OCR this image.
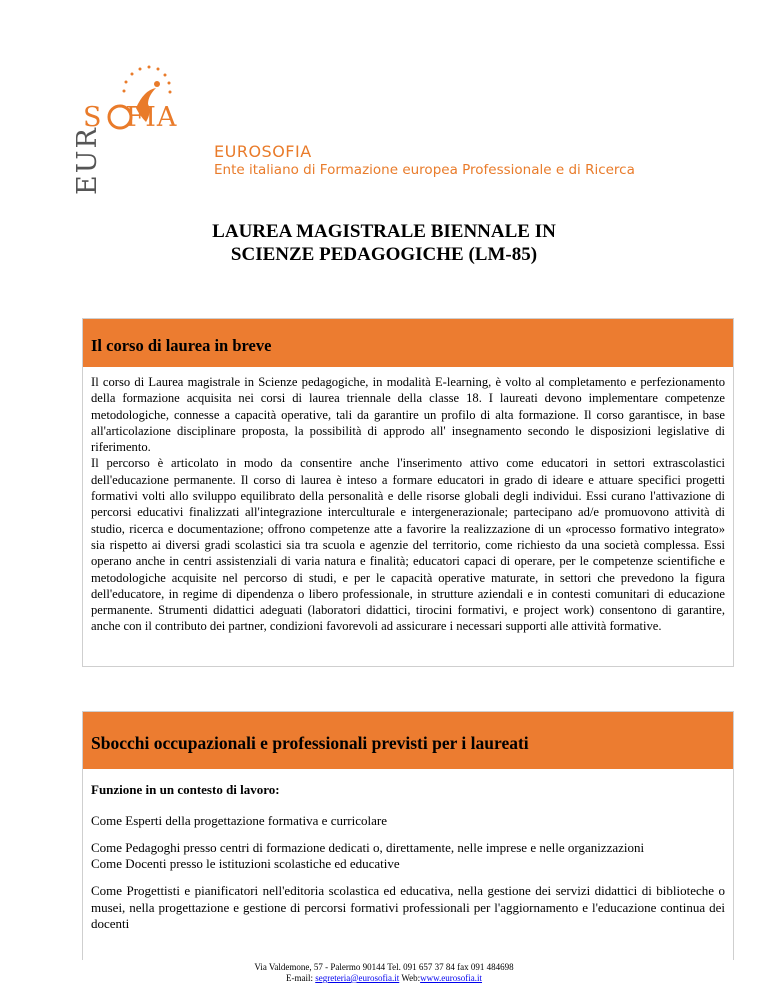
S FIA
EUR	EUROSOFIA
Ente italiano di Formazione europea Professionale e di Ricerca
LAUREA MAGISTRALE BIENNALE IN
SCIENZE PEDAGOGICHE (LM-85)
Il corso di laurea in breve

Il corso di Laurea magistrale in Scienze pedagogiche, in modalità E-learning, è volto al completamento e perfezionamento della formazione acquisita nei corsi di laurea triennale della classe 18. I laureati devono implementare competenze metodologiche, connesse a capacità operative, tali da garantire un profilo di alta formazione. Il corso garantisce, in base all'articolazione disciplinare proposta, la possibilità di approdo all' insegnamento secondo le disposizioni legislative di riferimento.

Il percorso è articolato in modo da consentire anche l'inserimento attivo come educatori in settori extrascolastici dell'educazione permanente. Il corso di laurea è inteso a formare educatori in grado di ideare e attuare specifici progetti formativi volti allo sviluppo equilibrato della personalità e delle risorse globali degli individui. Essi curano l'attivazione di percorsi educativi finalizzati all'integrazione interculturale e intergenerazionale; partecipano ad/e promuovono attività di studio, ricerca e documentazione; offrono competenze atte a favorire la realizzazione di un «processo formativo integrato» sia rispetto ai diversi gradi scolastici sia tra scuola e agenzie del territorio, come richiesto da una società complessa. Essi operano anche in centri assistenziali di varia natura e finalità; educatori capaci di operare, per le competenze scientifiche e metodologiche acquisite nel percorso di studi, e per le capacità operative maturate, in settori che prevedono la figura dell'educatore, in regime di dipendenza o libero professionale, in strutture aziendali e in contesti comunitari di educazione permanente. Strumenti didattici adeguati (laboratori didattici, tirocini formativi, e project work) consentono di garantire, anche con il contributo dei partner, condizioni favorevoli ad assicurare i necessari supporti alle attività formative.

Sbocchi occupazionali e professionali previsti per i laureati

Funzione in un contesto di lavoro:

Come Esperti della progettazione formativa e curricolare

Come Pedagoghi presso centri di formazione dedicati o, direttamente, nelle imprese e nelle organizzazioni
Come Docenti presso le istituzioni scolastiche ed educative

Come Progettisti e pianificatori nell'editoria scolastica ed educativa, nella gestione dei servizi didattici di biblioteche o musei, nella progettazione e gestione di percorsi formativi professionali per l'aggiornamento e l'educazione continua dei docenti

Via Valdemone, 57 - Palermo 90144 Tel. 091 657 37 84 fax 091 484698
E-mail: segreteria@eurosofia.it Web:www.eurosofia.it
